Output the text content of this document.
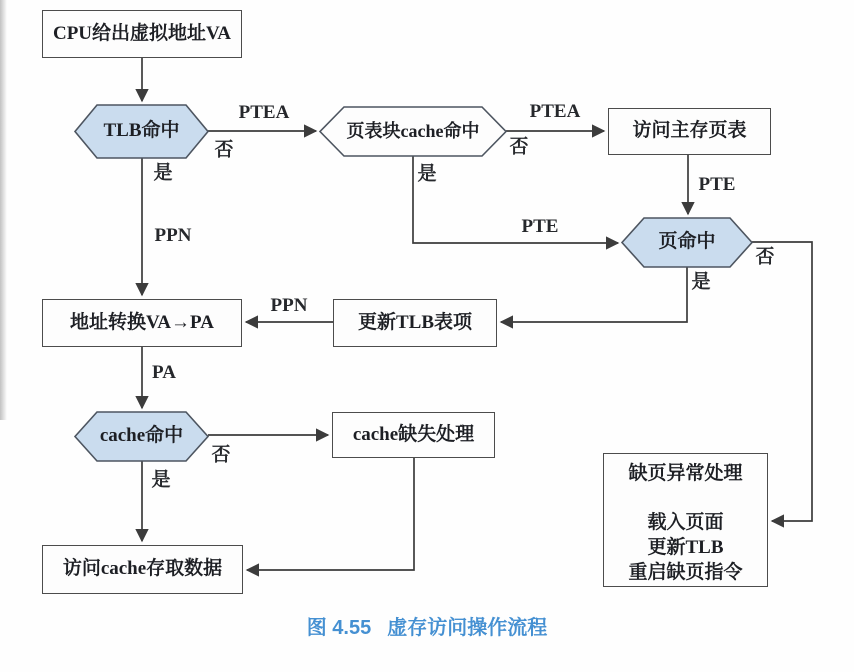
CPU给出虚拟地址VA
访问主存页表
地址转换VA→PA	更新TLB表项
cache缺失处理
访问cache存取数据
缺页异常处理
载入页面
更新TLB
重启缺页指令
TLB命中	页表块cache命中
页命中
cache命中
PTEA
否
是
PPN
PTEA
否
是
PTE
PTE
否
是
PPN
PA
否
是
图 4.55 虚存访问操作流程
